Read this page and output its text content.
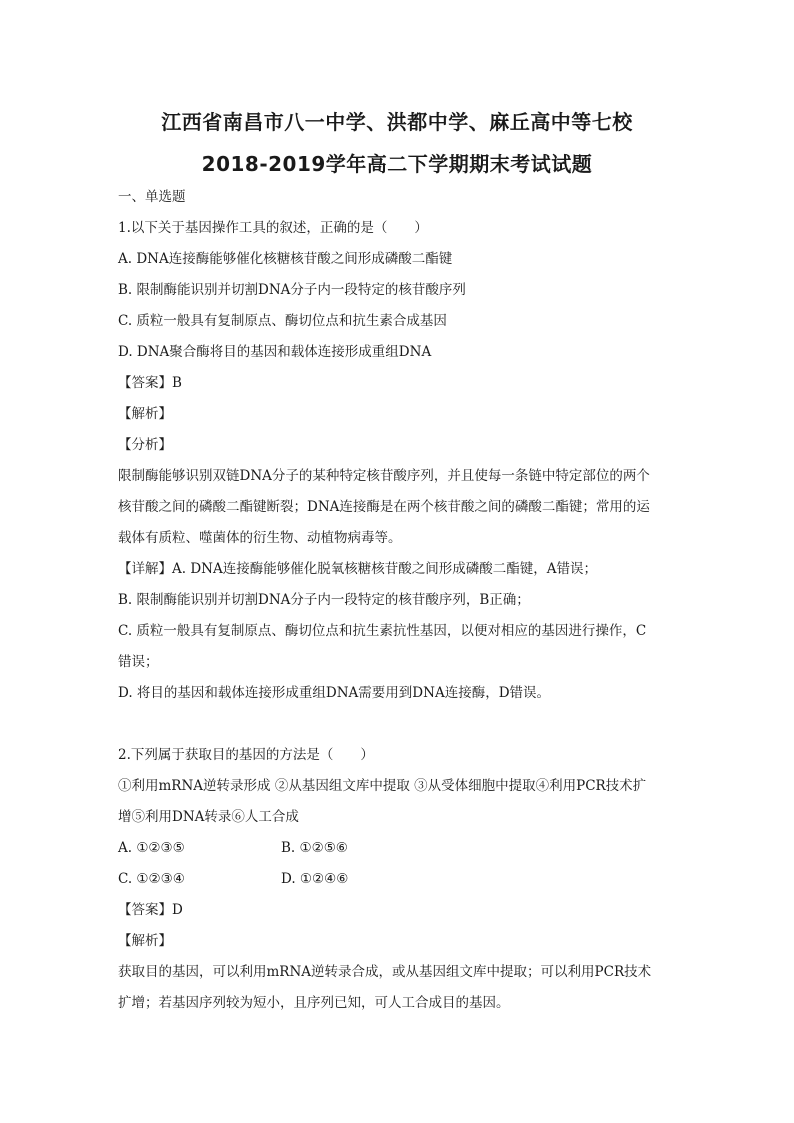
江西省南昌市八一中学、洪都中学、麻丘高中等七校
2018-2019学年高二下学期期末考试试题
一、单选题
1.以下关于基因操作工具的叙述，正确的是（　　）
A. DNA连接酶能够催化核糖核苷酸之间形成磷酸二酯键
B. 限制酶能识别并切割DNA分子内一段特定的核苷酸序列
C. 质粒一般具有复制原点、酶切位点和抗生素合成基因
D. DNA聚合酶将目的基因和载体连接形成重组DNA
【答案】B
【解析】
【分析】
限制酶能够识别双链DNA分子的某种特定核苷酸序列，并且使每一条链中特定部位的两个
核苷酸之间的磷酸二酯键断裂；DNA连接酶是在两个核苷酸之间的磷酸二酯键；常用的运
载体有质粒、噬菌体的衍生物、动植物病毒等。
【详解】A. DNA连接酶能够催化脱氧核糖核苷酸之间形成磷酸二酯键，A错误；
B. 限制酶能识别并切割DNA分子内一段特定的核苷酸序列，B正确；
C. 质粒一般具有复制原点、酶切位点和抗生素抗性基因，以便对相应的基因进行操作，C
错误；
D. 将目的基因和载体连接形成重组DNA需要用到DNA连接酶，D错误。
2.下列属于获取目的基因的方法是（　　）
①利用mRNA逆转录形成 ②从基因组文库中提取 ③从受体细胞中提取④利用PCR技术扩
增⑤利用DNA转录⑥人工合成
A. ①②③⑤	B. ①②⑤⑥
C. ①②③④	D. ①②④⑥
【答案】D
【解析】
获取目的基因，可以利用mRNA逆转录合成，或从基因组文库中提取；可以利用PCR技术
扩增；若基因序列较为短小，且序列已知，可人工合成目的基因。
